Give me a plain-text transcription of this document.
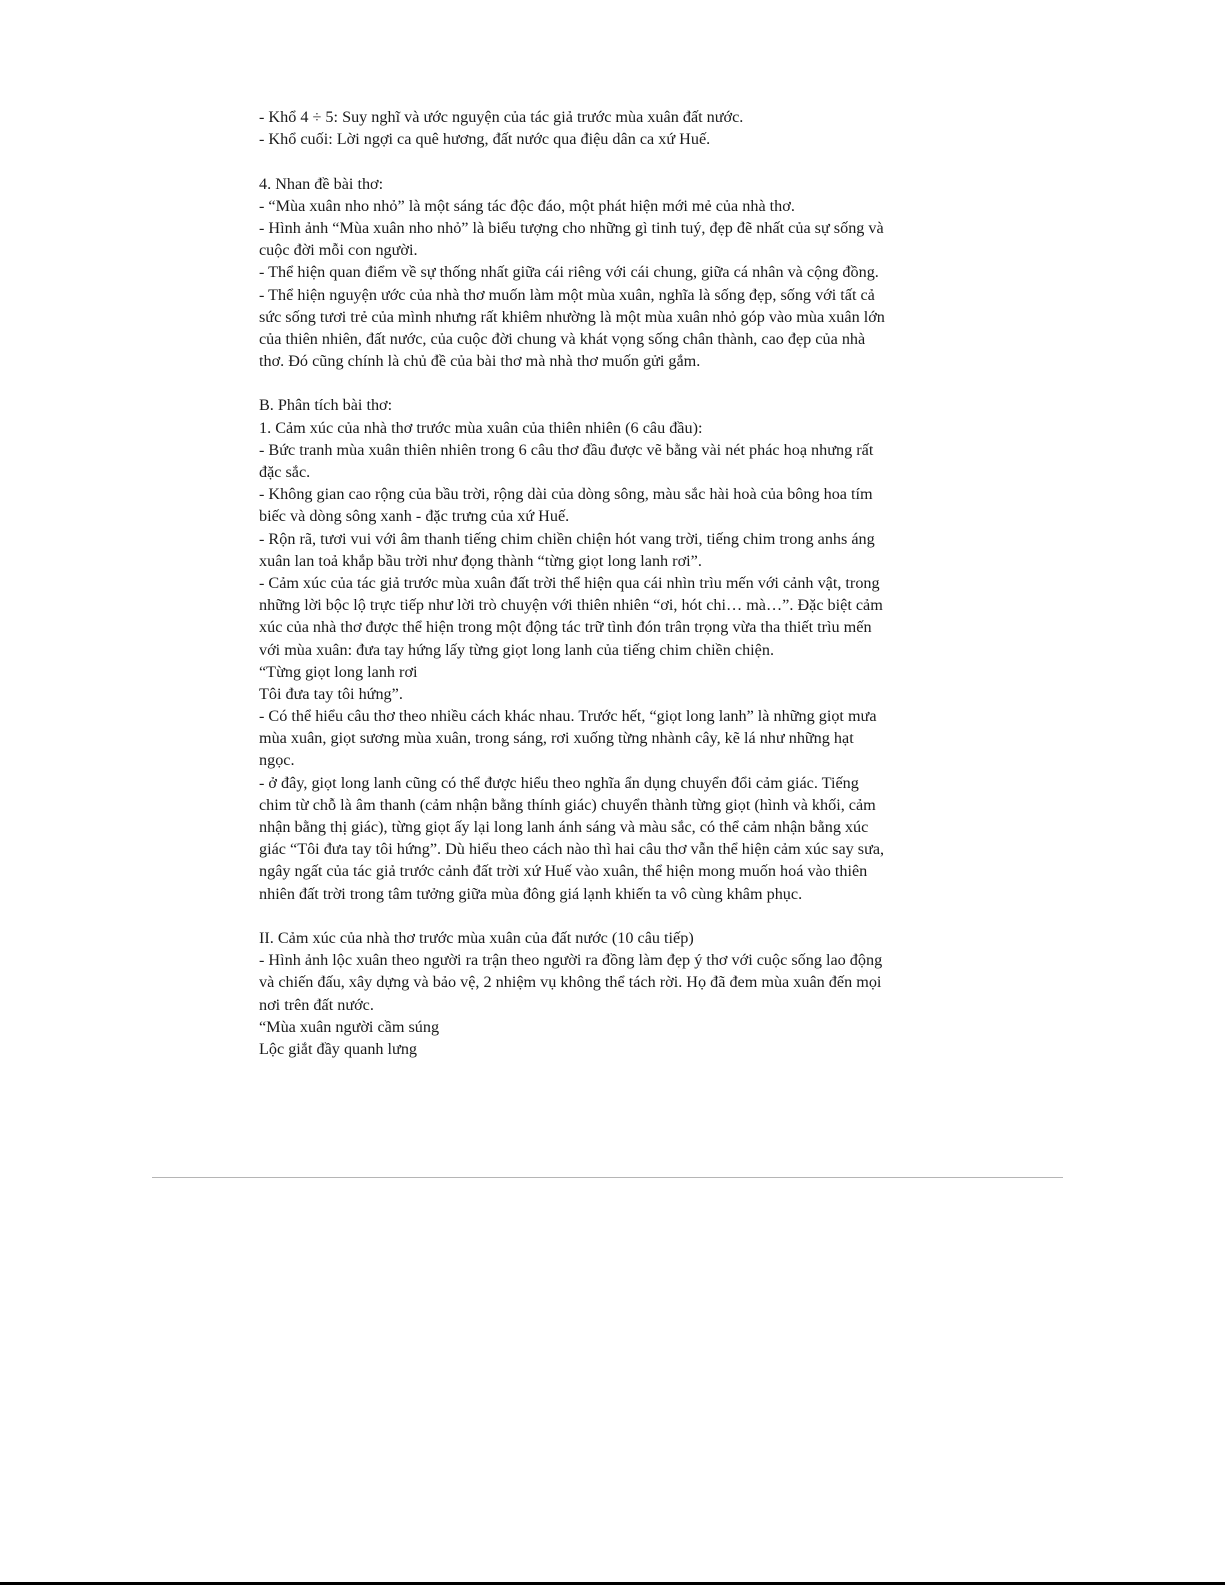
- Khổ 4 ÷ 5: Suy nghĩ và ước nguyện của tác giả trước mùa xuân đất nước.
- Khổ cuối: Lời ngợi ca quê hương, đất nước qua điệu dân ca xứ Huế.
4. Nhan đề bài thơ:
- “Mùa xuân nho nhỏ” là một sáng tác độc đáo, một phát hiện mới mẻ của nhà thơ.
- Hình ảnh “Mùa xuân nho nhỏ” là biểu tượng cho những gì tinh tuý, đẹp đẽ nhất của sự sống và
cuộc đời mỗi con người.
- Thể hiện quan điểm về sự thống nhất giữa cái riêng với cái chung, giữa cá nhân và cộng đồng.
- Thể hiện nguyện ước của nhà thơ muốn làm một mùa xuân, nghĩa là sống đẹp, sống với tất cả
sức sống tươi trẻ của mình nhưng rất khiêm nhường là một mùa xuân nhỏ góp vào mùa xuân lớn
của thiên nhiên, đất nước, của cuộc đời chung và khát vọng sống chân thành, cao đẹp của nhà
thơ. Đó cũng chính là chủ đề của bài thơ mà nhà thơ muốn gửi gắm.
B. Phân tích bài thơ:
1. Cảm xúc của nhà thơ trước mùa xuân của thiên nhiên (6 câu đầu):
- Bức tranh mùa xuân thiên nhiên trong 6 câu thơ đầu được vẽ bằng vài nét phác hoạ nhưng rất
đặc sắc.
- Không gian cao rộng của bầu trời, rộng dài của dòng sông, màu sắc hài hoà của bông hoa tím
biếc và dòng sông xanh - đặc trưng của xứ Huế.
- Rộn rã, tươi vui với âm thanh tiếng chim chiền chiện hót vang trời, tiếng chim trong anhs áng
xuân lan toả khắp bầu trời như đọng thành “từng giọt long lanh rơi”.
- Cảm xúc của tác giả trước mùa xuân đất trời thể hiện qua cái nhìn trìu mến với cảnh vật, trong
những lời bộc lộ trực tiếp như lời trò chuyện với thiên nhiên “ơi, hót chi… mà…”. Đặc biệt cảm
xúc của nhà thơ được thể hiện trong một động tác trữ tình đón trân trọng vừa tha thiết trìu mến
với mùa xuân: đưa tay hứng lấy từng giọt long lanh của tiếng chim chiền chiện.
“Từng giọt long lanh rơi
Tôi đưa tay tôi hứng”.
- Có thể hiểu câu thơ theo nhiều cách khác nhau. Trước hết, “giọt long lanh” là những giọt mưa
mùa xuân, giọt sương mùa xuân, trong sáng, rơi xuống từng nhành cây, kẽ lá như những hạt
ngọc.
- ở đây, giọt long lanh cũng có thể được hiểu theo nghĩa ẩn dụng chuyển đổi cảm giác. Tiếng
chim từ chỗ là âm thanh (cảm nhận bằng thính giác) chuyển thành từng giọt (hình và khối, cảm
nhận bằng thị giác), từng giọt ấy lại long lanh ánh sáng và màu sắc, có thể cảm nhận bằng xúc
giác “Tôi đưa tay tôi hứng”. Dù hiểu theo cách nào thì hai câu thơ vẫn thể hiện cảm xúc say sưa,
ngây ngất của tác giả trước cảnh đất trời xứ Huế vào xuân, thể hiện mong muốn hoá vào thiên
nhiên đất trời trong tâm tưởng giữa mùa đông giá lạnh khiến ta vô cùng khâm phục.
II. Cảm xúc của nhà thơ trước mùa xuân của đất nước (10 câu tiếp)
- Hình ảnh lộc xuân theo người ra trận theo người ra đồng làm đẹp ý thơ với cuộc sống lao động
và chiến đấu, xây dựng và bảo vệ, 2 nhiệm vụ không thể tách rời. Họ đã đem mùa xuân đến mọi
nơi trên đất nước.
“Mùa xuân người cầm súng
Lộc giắt đầy quanh lưng
